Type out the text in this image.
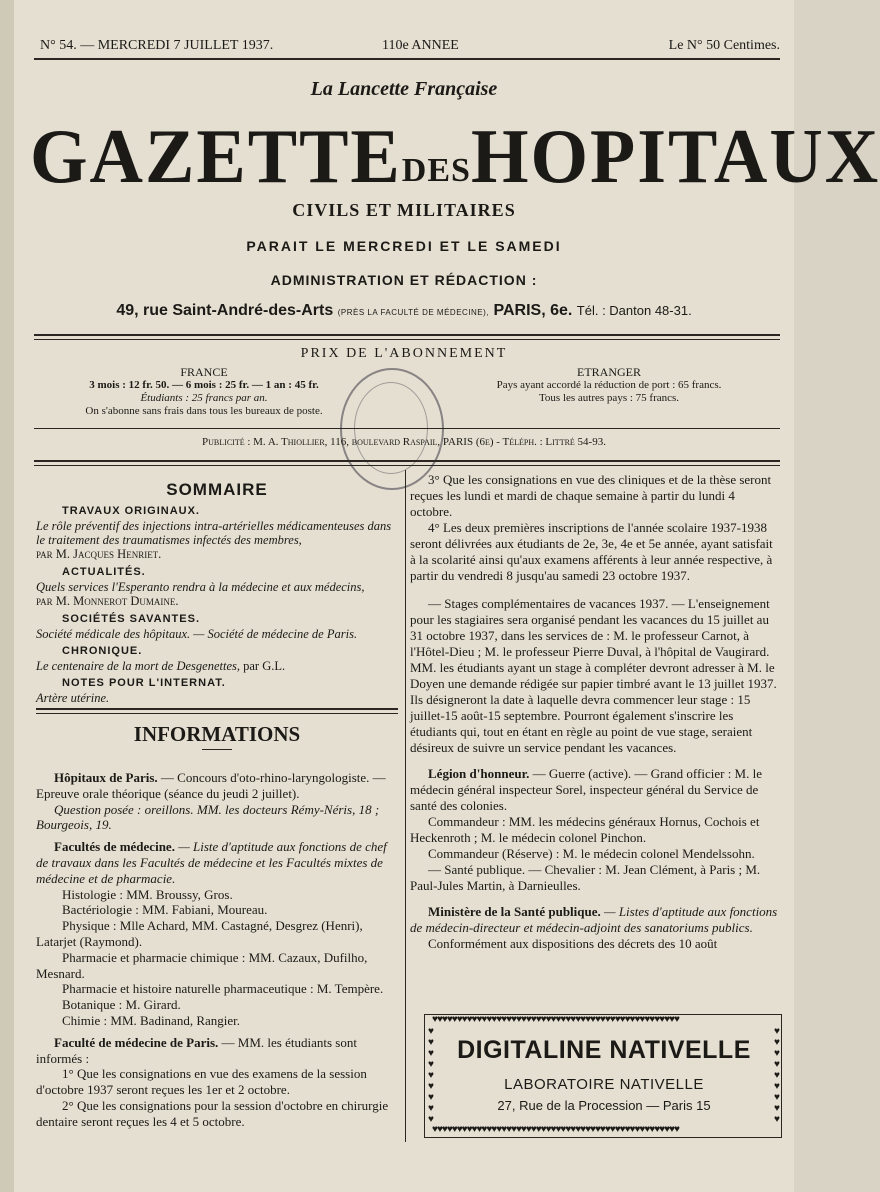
N° 54. — MERCREDI 7 JUILLET 1937.	110e ANNEE	Le N° 50 Centimes.
La Lancette Française
GAZETTE DES HOPITAUX
CIVILS ET MILITAIRES
PARAIT LE MERCREDI ET LE SAMEDI
ADMINISTRATION ET RÉDACTION :
49, rue Saint-André-des-Arts (PRÈS LA FACULTÉ DE MÉDECINE), PARIS, 6e. Tél. : Danton 48-31.
PRIX DE L'ABONNEMENT
FRANCE
3 mois : 12 fr. 50. — 6 mois : 25 fr. — 1 an : 45 fr.
Étudiants : 25 francs par an.
On s'abonne sans frais dans tous les bureaux de poste.
ETRANGER
Pays ayant accordé la réduction de port : 65 francs.
Tous les autres pays : 75 francs.
Publicité : M. A. Thiollier, 116, boulevard Raspail, PARIS (6e) - Téléph. : Littré 54-93.
SOMMAIRE
TRAVAUX ORIGINAUX.
Le rôle préventif des injections intra-artérielles médicamenteuses dans le traitement des traumatismes infectés des membres,
par M. Jacques Henriet.
ACTUALITÉS.
Quels services l'Esperanto rendra à la médecine et aux médecins,
par M. Monnerot Dumaine.
SOCIÉTÉS SAVANTES.
Société médicale des hôpitaux. — Société de médecine de Paris.
CHRONIQUE.
Le centenaire de la mort de Desgenettes, par G.L.
NOTES POUR L'INTERNAT.
Artère utérine.
INFORMATIONS

Hôpitaux de Paris. — Concours d'oto-rhino-laryngologiste. — Epreuve orale théorique (séance du jeudi 2 juillet).

Question posée : oreillons. MM. les docteurs Rémy-Néris, 18 ; Bourgeois, 19.

Facultés de médecine. — Liste d'aptitude aux fonctions de chef de travaux dans les Facultés de médecine et les Facultés mixtes de médecine et de pharmacie.

Histologie : MM. Broussy, Gros.

Bactériologie : MM. Fabiani, Moureau.

Physique : Mlle Achard, MM. Castagné, Desgrez (Henri), Latarjet (Raymond).

Pharmacie et pharmacie chimique : MM. Cazaux, Dufilho, Mesnard.

Pharmacie et histoire naturelle pharmaceutique : M. Tempère.

Botanique : M. Girard.

Chimie : MM. Badinand, Rangier.

Faculté de médecine de Paris. — MM. les étudiants sont informés :

1° Que les consignations en vue des examens de la session d'octobre 1937 seront reçues les 1er et 2 octobre.

2° Que les consignations pour la session d'octobre en chirurgie dentaire seront reçues les 4 et 5 octobre.

3° Que les consignations en vue des cliniques et de la thèse seront reçues les lundi et mardi de chaque semaine à partir du lundi 4 octobre.

4° Les deux premières inscriptions de l'année scolaire 1937-1938 seront délivrées aux étudiants de 2e, 3e, 4e et 5e année, ayant satisfait à la scolarité ainsi qu'aux examens afférents à leur année respective, à partir du vendredi 8 jusqu'au samedi 23 octobre 1937.

— Stages complémentaires de vacances 1937. — L'enseignement pour les stagiaires sera organisé pendant les vacances du 15 juillet au 31 octobre 1937, dans les services de : M. le professeur Carnot, à l'Hôtel-Dieu ; M. le professeur Pierre Duval, à l'hôpital de Vaugirard. MM. les étudiants ayant un stage à compléter devront adresser à M. le Doyen une demande rédigée sur papier timbré avant le 13 juillet 1937. Ils désigneront la date à laquelle devra commencer leur stage : 15 juillet-15 août-15 septembre. Pourront également s'inscrire les étudiants qui, tout en étant en règle au point de vue stage, seraient désireux de suivre un service pendant les vacances.

Légion d'honneur. — Guerre (active). — Grand officier : M. le médecin général inspecteur Sorel, inspecteur général du Service de santé des colonies.

Commandeur : MM. les médecins généraux Hornus, Cochois et Heckenroth ; M. le médecin colonel Pinchon.

Commandeur (Réserve) : M. le médecin colonel Mendelssohn.

— Santé publique. — Chevalier : M. Jean Clément, à Paris ; M. Paul-Jules Martin, à Darnieulles.

Ministère de la Santé publique. — Listes d'aptitude aux fonctions de médecin-directeur et médecin-adjoint des sanatoriums publics.

Conformément aux dispositions des décrets des 10 août

♥♥♥♥♥♥♥♥♥♥♥♥♥♥♥♥♥♥♥♥♥♥♥♥♥♥♥♥♥♥♥♥♥♥♥♥♥♥♥♥♥♥♥♥♥♥♥♥♥♥
♥♥♥♥♥♥♥♥♥♥♥♥♥♥♥♥♥♥♥♥♥♥♥♥♥♥♥♥♥♥♥♥♥♥♥♥♥♥♥♥♥♥♥♥♥♥♥♥♥♥
♥
♥
♥
♥
♥
♥
♥
♥
♥
♥
♥
♥
♥
♥
♥
♥
♥
♥
DIGITALINE NATIVELLE
LABORATOIRE NATIVELLE
27, Rue de la Procession — Paris 15
